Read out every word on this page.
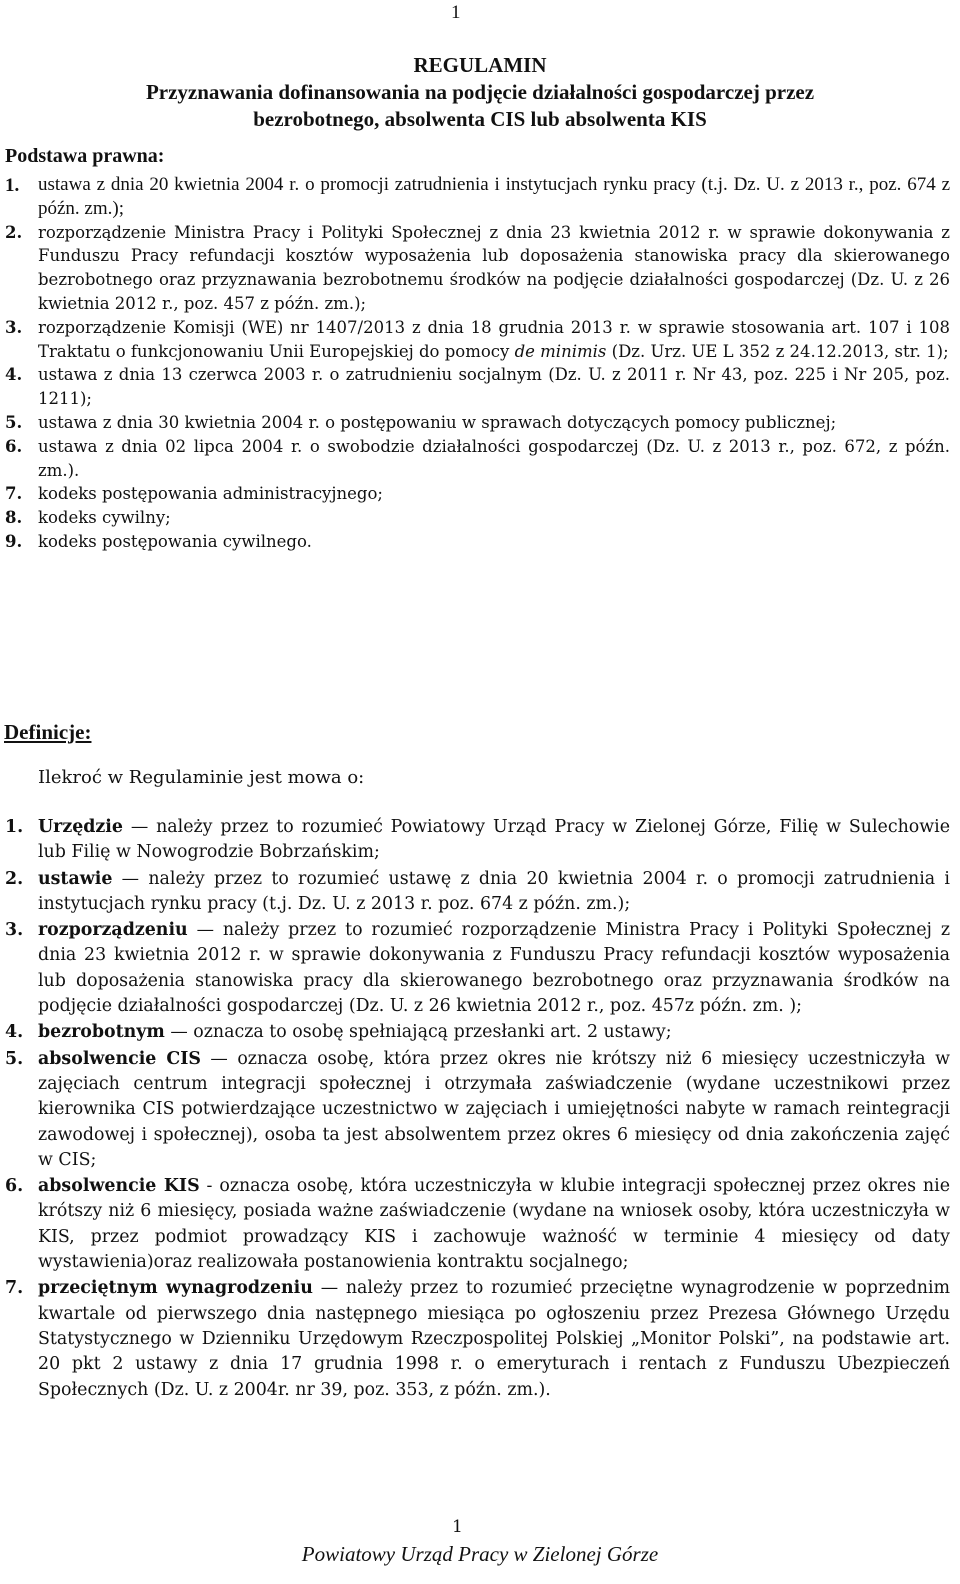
1
REGULAMIN
Przyznawania dofinansowania na podjęcie działalności gospodarczej przez
bezrobotnego, absolwenta CIS lub absolwenta KIS
Podstawa prawna:
1. ustawa z dnia 20 kwietnia 2004 r. o promocji zatrudnienia i instytucjach rynku pracy (t.j. Dz. U. z 2013 r., poz. 674 z późn. zm.);
2. rozporządzenie Ministra Pracy i Polityki Społecznej z dnia 23 kwietnia 2012 r. w sprawie dokonywania z Funduszu Pracy refundacji kosztów wyposażenia lub doposażenia stanowiska pracy dla skierowanego bezrobotnego oraz przyznawania bezrobotnemu środków na podjęcie działalności gospodarczej (Dz. U. z 26 kwietnia 2012 r., poz. 457 z późn. zm.);
3. rozporządzenie Komisji (WE) nr 1407/2013 z dnia 18 grudnia 2013 r. w sprawie stosowania art. 107 i 108 Traktatu o funkcjonowaniu Unii Europejskiej do pomocy de minimis (Dz. Urz. UE L 352 z 24.12.2013, str. 1);
4. ustawa z dnia 13 czerwca 2003 r. o zatrudnieniu socjalnym (Dz. U. z 2011 r. Nr 43, poz. 225 i Nr 205, poz. 1211);
5. ustawa z dnia 30 kwietnia 2004 r. o postępowaniu w sprawach dotyczących pomocy publicznej;
6. ustawa z dnia 02 lipca 2004 r. o swobodzie działalności gospodarczej (Dz. U. z 2013 r., poz. 672, z późn. zm.).
7. kodeks postępowania administracyjnego;
8. kodeks cywilny;
9. kodeks postępowania cywilnego.
Definicje:
Ilekroć w Regulaminie jest mowa o:
1. Urzędzie — należy przez to rozumieć Powiatowy Urząd Pracy w Zielonej Górze, Filię w Sulechowie lub Filię w Nowogrodzie Bobrzańskim;
2. ustawie — należy przez to rozumieć ustawę z dnia 20 kwietnia 2004 r. o promocji zatrudnienia i instytucjach rynku pracy (t.j. Dz. U. z 2013 r. poz. 674 z późn. zm.);
3. rozporządzeniu — należy przez to rozumieć rozporządzenie Ministra Pracy i Polityki Społecznej z dnia 23 kwietnia 2012 r. w sprawie dokonywania z Funduszu Pracy refundacji kosztów wyposażenia lub doposażenia stanowiska pracy dla skierowanego bezrobotnego oraz przyznawania środków na podjęcie działalności gospodarczej (Dz. U. z 26 kwietnia 2012 r., poz. 457z późn. zm. );
4. bezrobotnym — oznacza to osobę spełniającą przesłanki art. 2 ustawy;
5. absolwencie CIS — oznacza osobę, która przez okres nie krótszy niż 6 miesięcy uczestniczyła w zajęciach centrum integracji społecznej i otrzymała zaświadczenie (wydane uczestnikowi przez kierownika CIS potwierdzające uczestnictwo w zajęciach i umiejętności nabyte w ramach reintegracji zawodowej i społecznej), osoba ta jest absolwentem przez okres 6 miesięcy od dnia zakończenia zajęć w CIS;
6. absolwencie KIS - oznacza osobę, która uczestniczyła w klubie integracji społecznej przez okres nie krótszy niż 6 miesięcy, posiada ważne zaświadczenie (wydane na wniosek osoby, która uczestniczyła w KIS, przez podmiot prowadzący KIS i zachowuje ważność w terminie 4 miesięcy od daty wystawienia)oraz realizowała postanowienia kontraktu socjalnego;
7. przeciętnym wynagrodzeniu — należy przez to rozumieć przeciętne wynagrodzenie w poprzednim kwartale od pierwszego dnia następnego miesiąca po ogłoszeniu przez Prezesa Głównego Urzędu Statystycznego w Dzienniku Urzędowym Rzeczpospolitej Polskiej „Monitor Polski”, na podstawie art. 20 pkt 2 ustawy z dnia 17 grudnia 1998 r. o emeryturach i rentach z Funduszu Ubezpieczeń Społecznych (Dz. U. z 2004r. nr 39, poz. 353, z późn. zm.).
1
Powiatowy Urząd Pracy w Zielonej Górze
